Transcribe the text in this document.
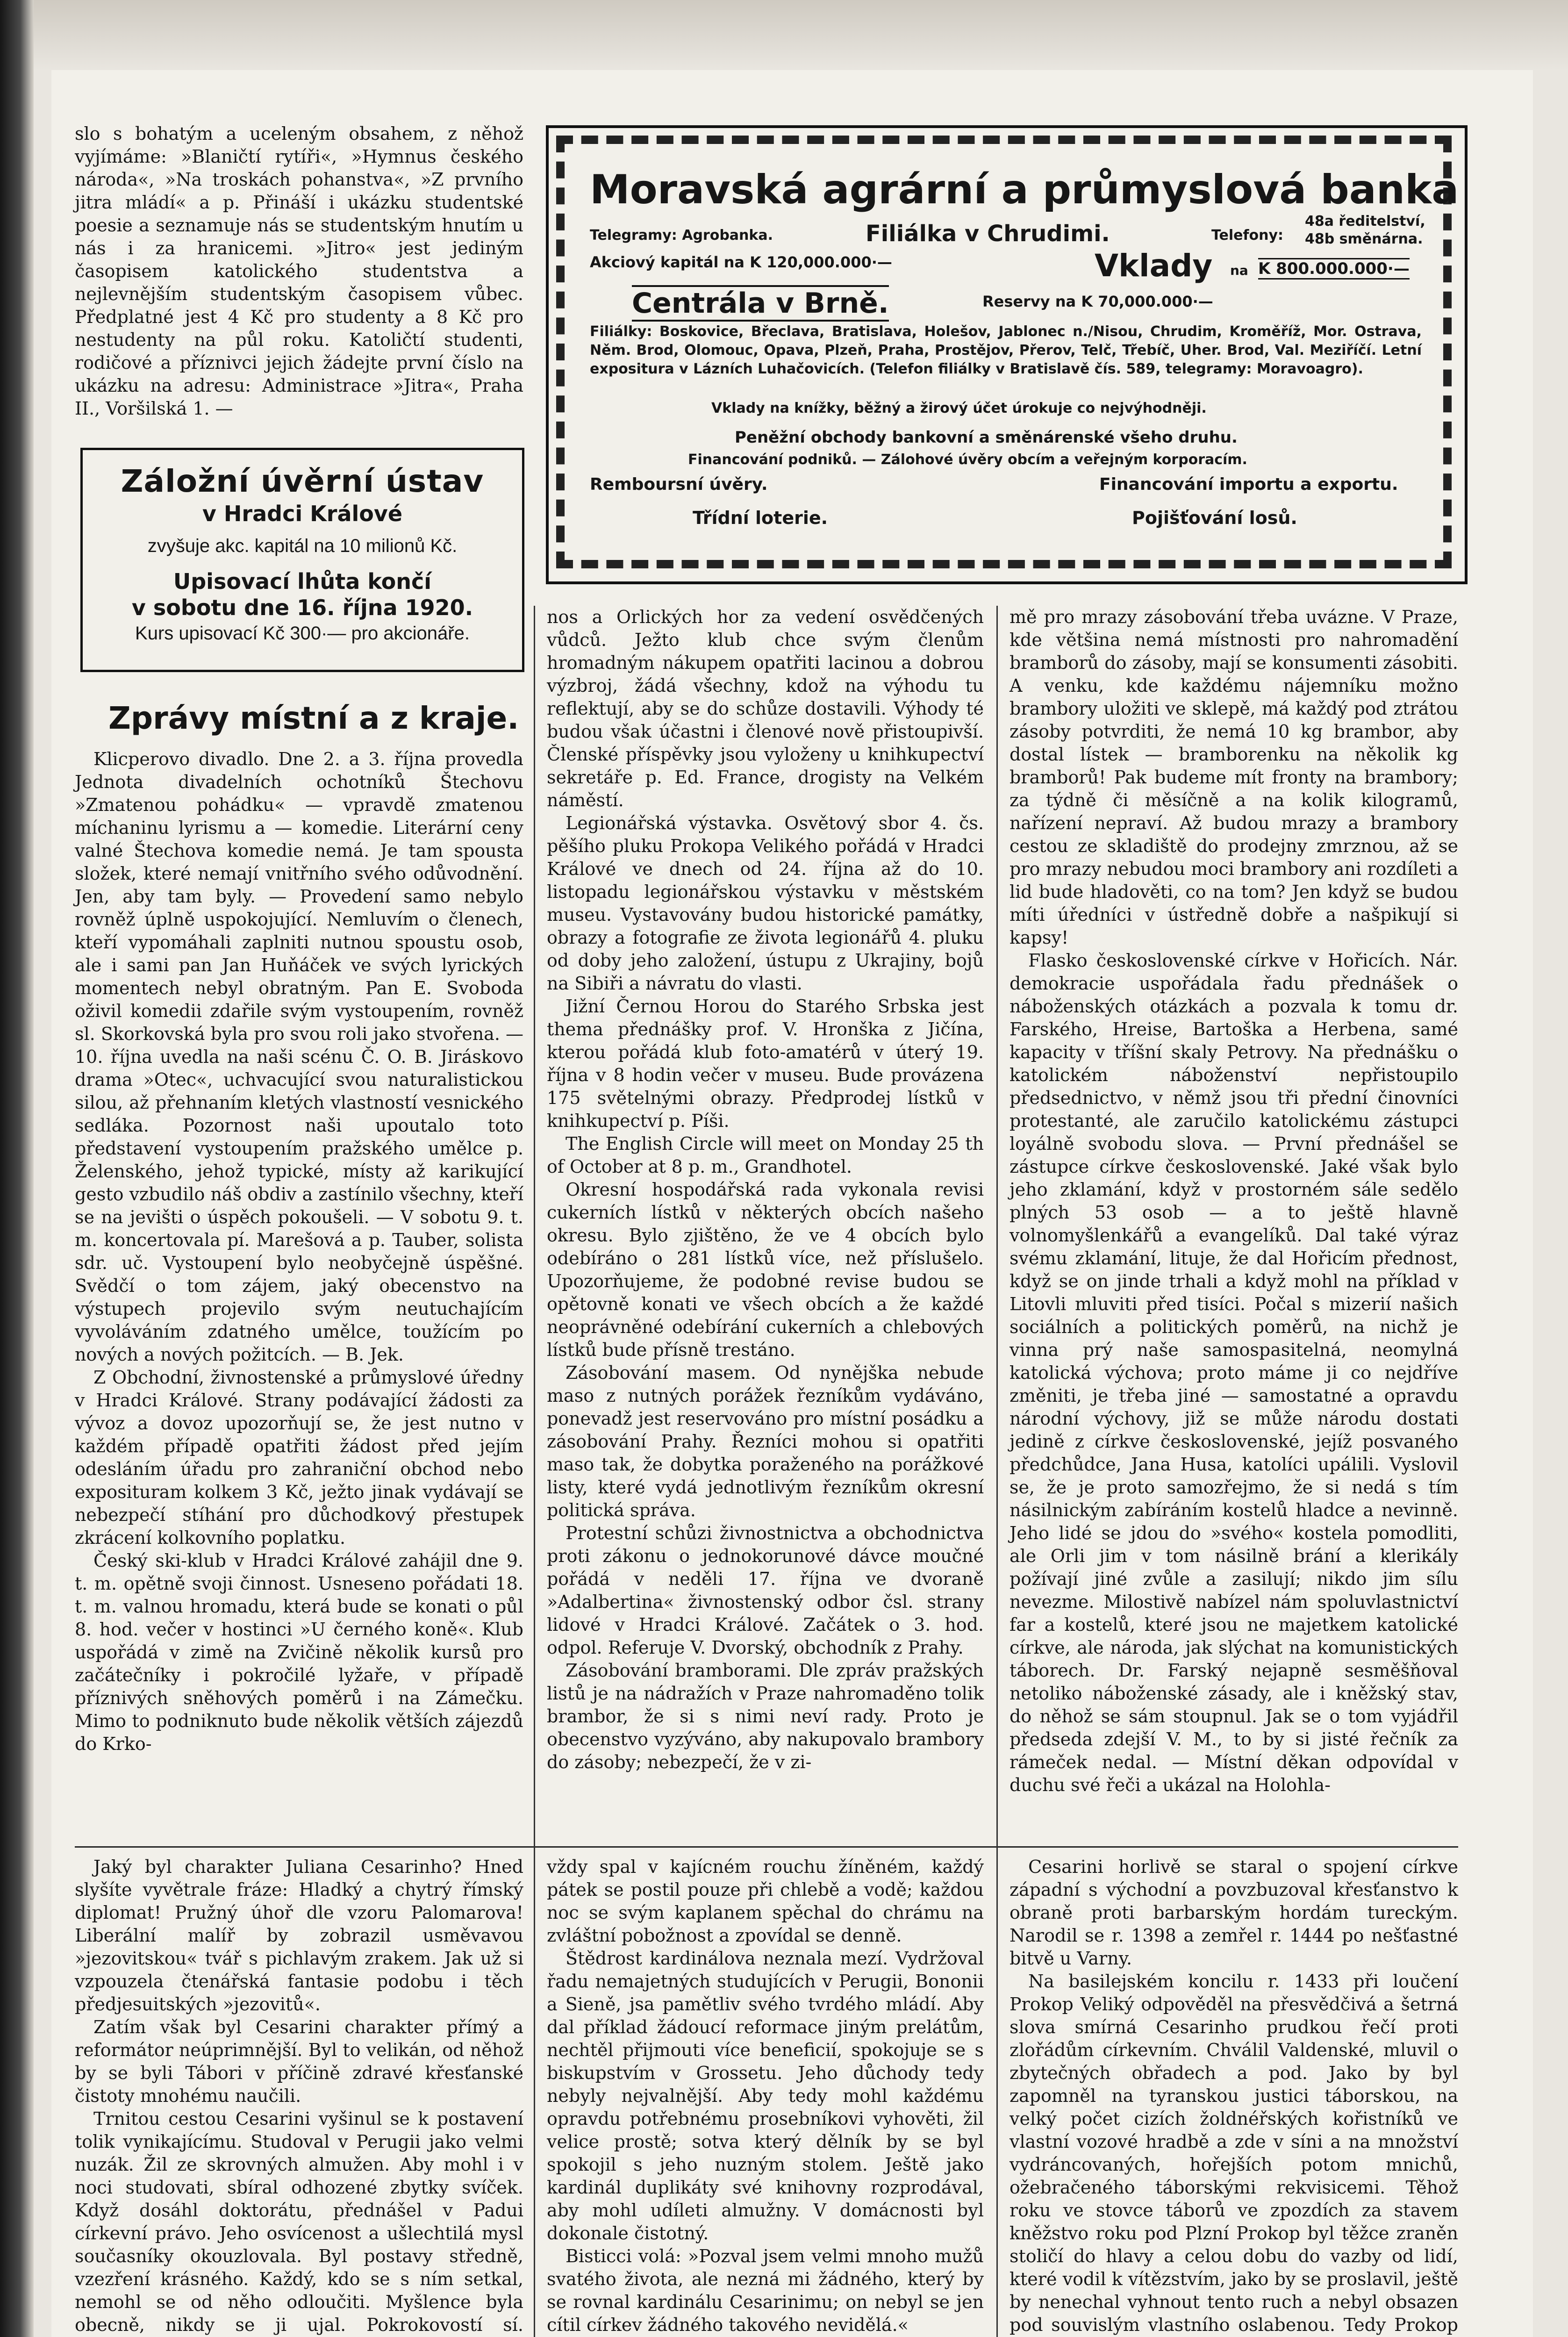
slo s bohatým a uceleným obsahem, z něhož vyjímáme: »Blaničtí rytíři«, »Hymnus českého národa«, »Na troskách pohanstva«, »Z prvního jitra mládí« a p. Přináší i ukázku studentské poesie a seznamuje nás se studentským hnutím u nás i za hranicemi. »Jitro« jest jediným časopisem katolického studentstva a nejlevnějším studentským časopisem vůbec. Předplatné jest 4 Kč pro studenty a 8 Kč pro nestudenty na půl roku. Katoličtí studenti, rodičové a příznivci jejich žádejte první číslo na ukázku na adresu: Administrace »Jitra«, Praha II., Voršilská 1. —

Záložní úvěrní ústav
v Hradci Králové
zvyšuje akc. kapitál na 10 milionů Kč.
Upisovací lhůta končí
v sobotu dne 16. října 1920.
Kurs upisovací Kč 300·— pro akcionáře.
Zprávy místní a z kraje.

Klicperovo divadlo. Dne 2. a 3. října provedla Jednota divadelních ochotníků Štechovu »Zmatenou pohádku« — vpravdě zmatenou míchaninu lyrismu a — komedie. Literární ceny valné Štechova komedie nemá. Je tam spousta složek, které nemají vnitřního svého odůvodnění. Jen, aby tam byly. — Provedení samo nebylo rovněž úplně uspokojující. Nemluvím o členech, kteří vypomáhali zaplniti nutnou spoustu osob, ale i sami pan Jan Huňáček ve svých lyrických momentech nebyl obratným. Pan E. Svoboda oživil komedii zdařile svým vystoupením, rovněž sl. Skorkovská byla pro svou roli jako stvořena. — 10. října uvedla na naši scénu Č. O. B. Jiráskovo drama »Otec«, uchvacující svou naturalistickou silou, až přehnaním kletých vlastností vesnického sedláka. Pozornost naši upoutalo toto představení vystoupením pražského umělce p. Želenského, jehož typické, místy až karikující gesto vzbudilo náš obdiv a zastínilo všechny, kteří se na jevišti o úspěch pokoušeli. — V sobotu 9. t. m. koncertovala pí. Marešová a p. Tauber, solista sdr. uč. Vystoupení bylo neobyčejně úspěšné. Svědčí o tom zájem, jaký obecenstvo na výstupech projevilo svým neutuchajícím vyvoláváním zdatného umělce, toužícím po nových a nových požitcích. — B. Jek.

Z Obchodní, živnostenské a průmyslové úředny v Hradci Králové. Strany podávající žádosti za vývoz a dovoz upozorňují se, že jest nutno v každém případě opatřiti žádost před jejím odesláním úřadu pro zahraniční obchod nebo exposituram kolkem 3 Kč, ježto jinak vydávají se nebezpečí stíhání pro důchodkový přestupek zkrácení kolkovního poplatku.

Český ski-klub v Hradci Králové zahájil dne 9. t. m. opětně svoji činnost. Usneseno pořádati 18. t. m. valnou hromadu, která bude se konati o půl 8. hod. večer v hostinci »U černého koně«. Klub uspořádá v zimě na Zvičině několik kursů pro začátečníky i pokročilé lyžaře, v případě příznivých sněhových poměrů i na Zámečku. Mimo to podniknuto bude několik větších zájezdů do Krko-

Moravská agrární a průmyslová banka
Telegramy: Agrobanka.	Filiálka v Chrudimi.	Telefony:
48a ředitelství,
48b směnárna.
Akciový kapitál na K 120,000.000·—	Vklady na K 800.000.000·—
Centrála v Brně.	Reservy na K 70,000.000·—
Filiálky: Boskovice, Břeclava, Bratislava, Holešov, Jablonec n./Nisou, Chrudim, Kroměříž, Mor. Ostrava, Něm. Brod, Olomouc, Opava, Plzeň, Praha, Prostějov, Přerov, Telč, Třebíč, Uher. Brod, Val. Meziříčí. Letní expositura v Lázních Luhačovicích. (Telefon filiálky v Bratislavě čís. 589, telegramy: Moravoagro).
Vklady na knížky, běžný a žirový účet úrokuje co nejvýhodněji.
Peněžní obchody bankovní a směnárenské všeho druhu.
Financování podniků. — Zálohové úvěry obcím a veřejným korporacím.
Remboursní úvěry.	Financování importu a exportu.
Třídní loterie.	Pojišťování losů.

nos a Orlických hor za vedení osvědčených vůdců. Ježto klub chce svým členům hromadným nákupem opatřiti lacinou a dobrou výzbroj, žádá všechny, kdož na výhodu tu reflektují, aby se do schůze dostavili. Výhody té budou však účastni i členové nově přistoupivší. Členské příspěvky jsou vyloženy u knihkupectví sekretáře p. Ed. France, drogisty na Velkém náměstí.

Legionářská výstavka. Osvětový sbor 4. čs. pěšího pluku Prokopa Velikého pořádá v Hradci Králové ve dnech od 24. října až do 10. listopadu legionářskou výstavku v městském museu. Vystavovány budou historické památky, obrazy a fotografie ze života legionářů 4. pluku od doby jeho založení, ústupu z Ukrajiny, bojů na Sibiři a návratu do vlasti.

Jižní Černou Horou do Starého Srbska jest thema přednášky prof. V. Hronška z Jičína, kterou pořádá klub foto-amatérů v úterý 19. října v 8 hodin večer v museu. Bude provázena 175 světelnými obrazy. Předprodej lístků v knihkupectví p. Píši.

The English Circle will meet on Monday 25 th of October at 8 p. m., Grandhotel.

Okresní hospodářská rada vykonala revisi cukerních lístků v některých obcích našeho okresu. Bylo zjištěno, že ve 4 obcích bylo odebíráno o 281 lístků více, než příslušelo. Upozorňujeme, že podobné revise budou se opětovně konati ve všech obcích a že každé neoprávněné odebírání cukerních a chlebových lístků bude přísně trestáno.

Zásobování masem. Od nynějška nebude maso z nutných porážek řezníkům vydáváno, ponevadž jest reservováno pro místní posádku a zásobování Prahy. Řezníci mohou si opatřiti maso tak, že dobytka poraženého na porážkové listy, které vydá jednotlivým řezníkům okresní politická správa.

Protestní schůzi živnostnictva a obchodnictva proti zákonu o jednokorunové dávce moučné pořádá v neděli 17. října ve dvoraně »Adalbertina« živnostenský odbor čsl. strany lidové v Hradci Králové. Začátek o 3. hod. odpol. Referuje V. Dvorský, obchodník z Prahy.

Zásobování bramborami. Dle zpráv pražských listů je na nádražích v Praze nahromaděno tolik brambor, že si s nimi neví rady. Proto je obecenstvo vyzýváno, aby nakupovalo brambory do zásoby; nebezpečí, že v zi-

mě pro mrazy zásobování třeba uvázne. V Praze, kde většina nemá místnosti pro nahromadění bramborů do zásoby, mají se konsumenti zásobiti. A venku, kde každému nájemníku možno brambory uložiti ve sklepě, má každý pod ztrátou zásoby potvrditi, že nemá 10 kg brambor, aby dostal lístek — bramborenku na několik kg bramborů! Pak budeme mít fronty na brambory; za týdně či měsíčně a na kolik kilogramů, nařízení nepraví. Až budou mrazy a brambory cestou ze skladiště do prodejny zmrznou, až se pro mrazy nebudou moci brambory ani rozdíleti a lid bude hladověti, co na tom? Jen když se budou míti úředníci v ústředně dobře a našpikují si kapsy!

Flasko československé církve v Hořicích. Nár. demokracie uspořádala řadu přednášek o náboženských otázkách a pozvala k tomu dr. Farského, Hreise, Bartoška a Herbena, samé kapacity v tříšní skaly Petrovy. Na přednášku o katolickém náboženství nepřistoupilo předsednictvo, v němž jsou tři přední činovníci protestanté, ale zaručilo katolickému zástupci loyálně svobodu slova. — První přednášel se zástupce církve československé. Jaké však bylo jeho zklamání, když v prostorném sále sedělo plných 53 osob — a to ještě hlavně volnomyšlenkářů a evangelíků. Dal také výraz svému zklamání, lituje, že dal Hořicím přednost, když se on jinde trhali a když mohl na příklad v Litovli mluviti před tisíci. Počal s mizerií našich sociálních a politických poměrů, na nichž je vinna prý naše samospasitelná, neomylná katolická výchova; proto máme ji co nejdříve změniti, je třeba jiné — samostatné a opravdu národní výchovy, již se může národu dostati jedině z církve československé, jejíž posvaného předchůdce, Jana Husa, katolíci upálili. Vyslovil se, že je proto samozřejmo, že si nedá s tím násilnickým zabíráním kostelů hladce a nevinně. Jeho lidé se jdou do »svého« kostela pomodliti, ale Orli jim v tom násilně brání a klerikály požívají jiné zvůle a zasilují; nikdo jim sílu nevezme. Milostivě nabízel nám spoluvlastnictví far a kostelů, které jsou ne majetkem katolické církve, ale národa, jak slýchat na komunistických táborech. Dr. Farský nejapně sesměšňoval netoliko náboženské zásady, ale i kněžský stav, do něhož se sám stoupnul. Jak se o tom vyjádřil předseda zdejší V. M., to by si jisté řečník za rámeček nedal. — Místní děkan odpovídal v duchu své řeči a ukázal na Holohla-

Jaký byl charakter Juliana Cesarinho? Hned slyšíte vyvětrale fráze: Hladký a chytrý římský diplomat! Pružný úhoř dle vzoru Palomarova! Liberální malíř by zobrazil usměvavou »jezovitskou« tvář s pichlavým zrakem. Jak už si vzpouzela čtenářská fantasie podobu i těch předjesuitských »jezovitů«.

Zatím však byl Cesarini charakter přímý a reformátor neúprimnější. Byl to velikán, od něhož by se byli Tábori v příčině zdravé křesťanské čistoty mnohému naučili.

Trnitou cestou Cesarini vyšinul se k postavení tolik vynikajícímu. Studoval v Perugii jako velmi nuzák. Žil ze skrovných almužen. Aby mohl i v noci studovati, sbíral odhozené zbytky svíček. Když dosáhl doktorátu, přednášel v Padui církevní právo. Jeho osvícenost a ušlechtilá mysl současníky okouzlovala. Byl postavy středně, vzezření krásného. Každý, kdo se s ním setkal, nemohl se od něho odloučiti. Myšlence byla obecně, nikdy se ji ujal. Pokrokovostí sí.

vždy spal v kajícném rouchu žíněném, každý pátek se postil pouze při chlebě a vodě; každou noc se svým kaplanem spěchal do chrámu na zvláštní pobožnost a zpovídal se denně.

Štědrost kardinálova neznala mezí. Vydržoval řadu nemajetných studujících v Perugii, Bononii a Sieně, jsa pamětliv svého tvrdého mládí. Aby dal příklad žádoucí reformace jiným prelátům, nechtěl přijmouti více beneficií, spokojuje se s biskupstvím v Grossetu. Jeho důchody tedy nebyly nejvalnější. Aby tedy mohl každému opravdu potřebnému prosebníkovi vyhověti, žil velice prostě; sotva který dělník by se byl spokojil s jeho nuzným stolem. Ještě jako kardinál duplikáty své knihovny rozprodával, aby mohl udíleti almužny. V domácnosti byl dokonale čistotný.

Bisticci volá: »Pozval jsem velmi mnoho mužů svatého života, ale nezná mi žádného, který by se rovnal kardinálu Cesarinimu; on nebyl se jen cítil církev žádného takového nevidělá.«

Cesarini horlivě se staral o spojení církve západní s východní a povzbuzoval křesťanstvo k obraně proti barbarským hordám tureckým. Narodil se r. 1398 a zemřel r. 1444 po nešťastné bitvě u Varny.

Na basilejském koncilu r. 1433 při loučení Prokop Veliký odpověděl na přesvědčivá a šetrná slova smírná Cesarinho prudkou řečí proti zlořádům církevním. Chválil Valdenské, mluvil o zbytečných obřadech a pod. Jako by byl zapomněl na tyranskou justici táborskou, na velký počet cizích žoldnéřských kořistníků ve vlastní vozové hradbě a zde v síni a na množství vydráncovaných, hořejších potom mnichů, ožebračeného táborskými rekvisicemi. Těhož roku ve stovce táborů ve zpozdích za stavem kněžstvo roku pod Plzní Prokop byl těžce zraněn stoličí do hlavy a celou dobu do vazby od lidí, které vodil k vítězstvím, jako by se proslavil, ještě by nenechal vyhnout tento ruch a nebyl obsazen pod souvislým vlastního oslabenou. Tedy Prokop
